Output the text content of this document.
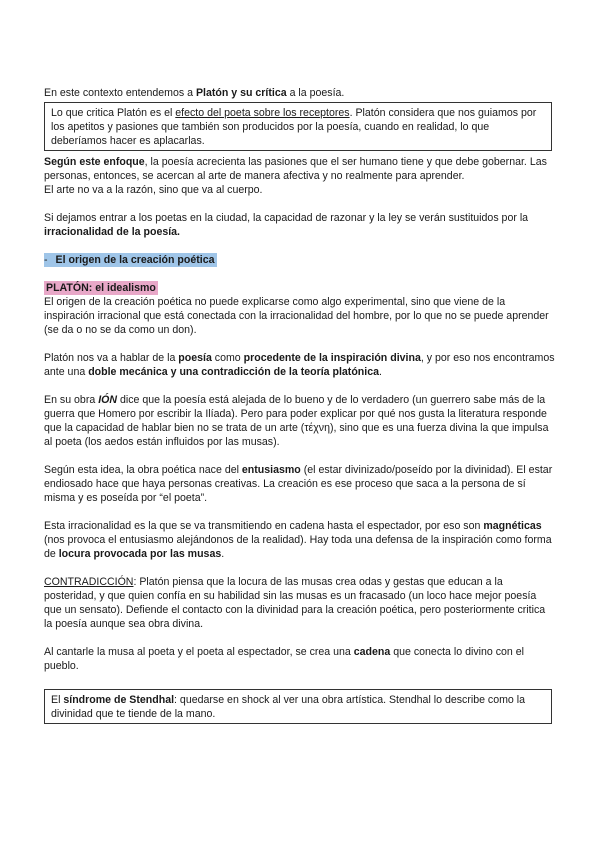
En este contexto entendemos a Platón y su crítica a la poesía.

Lo que critica Platón es el efecto del poeta sobre los receptores. Platón considera que nos guiamos por los apetitos y pasiones que también son producidos por la poesía, cuando en realidad, lo que deberíamos hacer es aplacarlas.

Según este enfoque, la poesía acrecienta las pasiones que el ser humano tiene y que debe gobernar. Las personas, entonces, se acercan al arte de manera afectiva y no realmente para aprender.

El arte no va a la razón, sino que va al cuerpo.

Si dejamos entrar a los poetas en la ciudad, la capacidad de razonar y la ley se verán sustituidos por la irracionalidad de la poesía.

- El origen de la creación poética

PLATÓN: el idealismo

El origen de la creación poética no puede explicarse como algo experimental, sino que viene de la inspiración irracional que está conectada con la irracionalidad del hombre, por lo que no se puede aprender (se da o no se da como un don).

Platón nos va a hablar de la poesía como procedente de la inspiración divina, y por eso nos encontramos ante una doble mecánica y una contradicción de la teoría platónica.

En su obra IÓN dice que la poesía está alejada de lo bueno y de lo verdadero (un guerrero sabe más de la guerra que Homero por escribir la Ilíada). Pero para poder explicar por qué nos gusta la literatura responde que la capacidad de hablar bien no se trata de un arte (τέχνη), sino que es una fuerza divina la que impulsa al poeta (los aedos están influidos por las musas).

Según esta idea, la obra poética nace del entusiasmo (el estar divinizado/poseído por la divinidad). El estar endiosado hace que haya personas creativas. La creación es ese proceso que saca a la persona de sí misma y es poseída por “el poeta”.

Esta irracionalidad es la que se va transmitiendo en cadena hasta el espectador, por eso son magnéticas (nos provoca el entusiasmo alejándonos de la realidad). Hay toda una defensa de la inspiración como forma de locura provocada por las musas.

CONTRADICCIÓN: Platón piensa que la locura de las musas crea odas y gestas que educan a la posteridad, y que quien confía en su habilidad sin las musas es un fracasado (un loco hace mejor poesía que un sensato). Defiende el contacto con la divinidad para la creación poética, pero posteriormente critica la poesía aunque sea obra divina.

Al cantarle la musa al poeta y el poeta al espectador, se crea una cadena que conecta lo divino con el pueblo.

El síndrome de Stendhal: quedarse en shock al ver una obra artística. Stendhal lo describe como la divinidad que te tiende de la mano.
